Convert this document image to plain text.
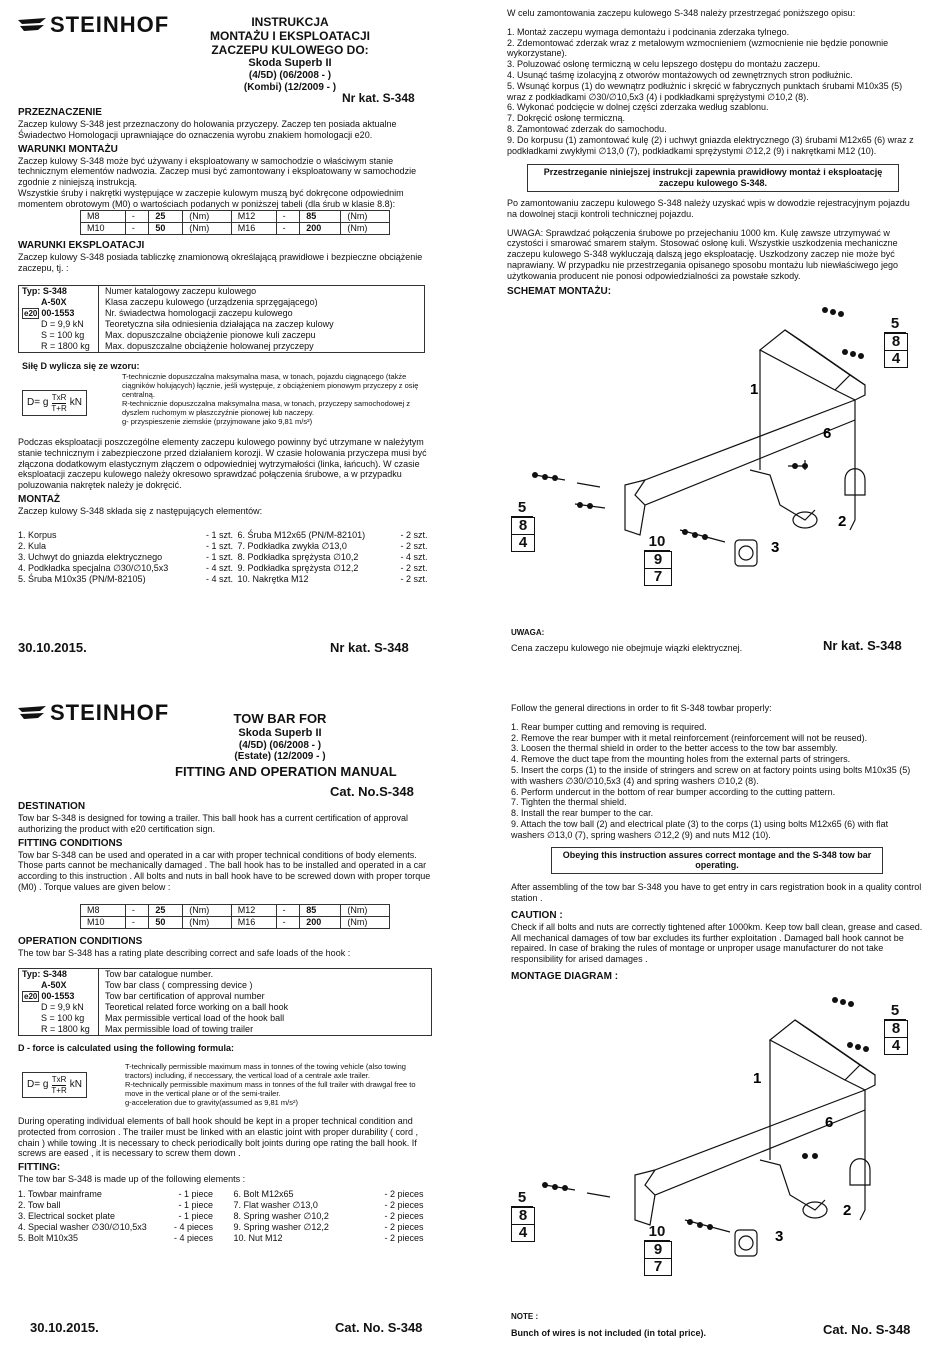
STEINHOF	INSTRUKCJA
MONTAŻU I EKSPLOATACJI
ZACZEPU KULOWEGO DO:
Skoda Superb II
(4/5D) (06/2008 - )
(Kombi) (12/2009 - )
Nr kat. S-348
PRZEZNACZENIE

Zaczep kulowy S-348 jest przeznaczony do holowania przyczepy. Zaczep ten posiada aktualne Świadectwo Homologacji uprawniające do oznaczenia wyrobu znakiem homologacji e20.

WARUNKI MONTAŻU

Zaczep kulowy S-348 może być używany i eksploatowany w samochodzie o właściwym stanie technicznym elementów nadwozia. Zaczep musi być zamontowany i eksploatowany w samochodzie zgodnie z niniejszą instrukcją.

Wszystkie śruby i nakrętki występujące w zaczepie kulowym muszą być dokręcone odpowiednim momentem obrotowym (M0) o wartościach podanych w poniższej tabeli (dla śrub w klasie 8.8):

M8	-	25	(Nm)	M12	-	85	(Nm)
M10	-	50	(Nm)	M16	-	200	(Nm)
WARUNKI EKSPLOATACJI

Zaczep kulowy S-348 posiada tabliczkę znamionową określającą prawidłowe i bezpieczne obciążenie zaczepu, tj. :

Typ: S-348	Numer katalogowy zaczepu kulowego
A-50X	Klasa zaczepu kulowego (urządzenia sprzęgającego)
e20 00-1553	Nr. świadectwa homologacji zaczepu kulowego
D = 9,9 kN	Teoretyczna siła odniesienia działająca na zaczep kulowy
S = 100 kg	Max. dopuszczalne obciążenie pionowe kuli zaczepu
R = 1800 kg	Max. dopuszczalne obciążenie holowanej przyczepy
Siłę D wylicza się ze wzoru:
D= g $\frac{\text{TxR}}{T+R}$ kN

T-technicznie dopuszczalna maksymalna masa, w tonach, pojazdu ciągnącego (także ciągników holujących) łącznie, jeśli występuje, z obciążeniem pionowym przyczepy z osię centralną.

R-technicznie dopuszczalna maksymalna masa, w tonach, przyczepy samochodowej z dyszlem ruchomym w płaszczyźnie pionowej lub naczepy.

g- przyspieszenie ziemskie (przyjmowane jako 9,81 m/s²)

Podczas eksploatacji poszczególne elementy zaczepu kulowego powinny być utrzymane w należytym stanie technicznym i zabezpieczone przed działaniem korozji. W czasie holowania przyczepa musi być złączona dodatkowym elastycznym złączem o odpowiedniej wytrzymałości (linka, łańcuch). W czasie eksploatacji zaczepu kulowego należy okresowo sprawdzać połączenia śrubowe, a w przypadku poluzowania nakrętek należy je dokręcić.

MONTAŻ

Zaczep kulowy S-348 składa się z następujących elementów:

1. Korpus	- 1 szt.
2. Kula	- 1 szt.
3. Uchwyt do gniazda elektrycznego	- 1 szt.
4. Podkładka specjalna ∅30/∅10,5x3	- 4 szt.
5. Śruba M10x35 (PN/M-82105)	- 4 szt.

6. Śruba M12x65 (PN/M-82101)	- 2 szt.
7. Podkładka zwykła ∅13,0	- 2 szt.
8. Podkładka sprężysta ∅10,2	- 4 szt.
9. Podkładka sprężysta ∅12,2	- 2 szt.
10. Nakrętka M12	- 2 szt.
30.10.2015.	Nr kat. S-348

W celu zamontowania zaczepu kulowego S-348 należy przestrzegać poniższego opisu:

1. Montaż zaczepu wymaga demontażu i podcinania zderzaka tylnego.
2. Zdemontować zderzak wraz z metalowym wzmocnieniem (wzmocnienie nie będzie ponownie wykorzystane).
3. Poluzować osłonę termiczną w celu lepszego dostępu do montażu zaczepu.
4. Usunąć taśmę izolacyjną z otworów montażowych od zewnętrznych stron podłużnic.
5. Wsunąć korpus (1) do wewnątrz podłużnic i skręcić w fabrycznych punktach śrubami M10x35 (5) wraz z podkładkami ∅30/∅10,5x3 (4) i podkładkami sprężystymi ∅10,2 (8).
6. Wykonać podcięcie w dolnej części zderzaka według szablonu.
7. Dokręcić osłonę termiczną.
8. Zamontować zderzak do samochodu.
9. Do korpusu (1) zamontować kulę (2) i uchwyt gniazda elektrycznego (3) śrubami M12x65 (6) wraz z podkładkami zwykłymi ∅13,0 (7), podkładkami sprężystymi ∅12,2 (9) i nakrętkami M12 (10).
Przestrzeganie niniejszej instrukcji zapewnia prawidłowy montaż i eksploatację zaczepu kulowego S-348.

Po zamontowaniu zaczepu kulowego S-348 należy uzyskać wpis w dowodzie rejestracyjnym pojazdu na dowolnej stacji kontroli technicznej pojazdu.

UWAGA: Sprawdzać połączenia śrubowe po przejechaniu 1000 km. Kulę zawsze utrzymywać w czystości i smarować smarem stałym. Stosować osłonę kuli. Wszystkie uszkodzenia mechaniczne zaczepu kulowego S-348 wykluczają dalszą jego eksploatację. Uszkodzony zaczep nie może być naprawiany. W przypadku nie przestrzegania opisanego sposobu montażu lub niewłaściwego jego użytkowania producent nie ponosi odpowiedzialności za powstałe szkody.

SCHEMAT MONTAŻU:
1
2
3
6
5
8
4
5
8
4	10
9
7
UWAGA:
Cena zaczepu kulowego nie obejmuje wiązki elektrycznej.	Nr kat. S-348
STEINHOF	TOW BAR FOR
Skoda Superb II
(4/5D) (06/2008 - )
(Estate) (12/2009 - )
FITTING AND OPERATION MANUAL
Cat. No.S-348
DESTINATION

Tow bar S-348 is designed for towing a trailer. This ball hook has a current certification of approval authorizing the product with e20 certification sign.

FITTING CONDITIONS

Tow bar S-348 can be used and operated in a car with proper technical conditions of body elements. Those parts cannot be mechanically damaged . The ball hook has to be installed and operated in a car according to this instruction . All bolts and nuts in ball hook have to be screwed down with proper torque (M0) . Torque values are given below :

M8	-	25	(Nm)	M12	-	85	(Nm)
M10	-	50	(Nm)	M16	-	200	(Nm)
OPERATION CONDITIONS

The tow bar S-348 has a rating plate describing correct and safe loads of the hook :

Typ: S-348	Tow bar catalogue number.
A-50X	Tow bar class ( compressing device )
e20 00-1553	Tow bar certification of approval number
D = 9,9 kN	Teoretical related force working on a ball hook
S = 100 kg	Max permissible vertical load of the hook ball
R = 1800 kg	Max permissible load of towing trailer
D - force is calculated using the following formula:
D= g $\frac{\text{TxR}}{T+R}$ kN

T-technically permissible maximum mass in tonnes of the towing vehicle (also towing tractors) including, if neccessary, the vertical load of a centrale axle trailer.

R-technically permissible maximum mass in tonnes of the full trailer with drawgal free to move in the vertical plane or of the semi-trailer.

g-acceleration due to gravity(assumed as 9,81 m/s²)

During operating individual elements of ball hook should be kept in a proper technical condition and protected from corrosion . The trailer must be linked with an elastic joint with proper durability ( cord , chain ) while towing .It is necessary to check periodically bolt joints during ope rating the ball hook. If screws are eased , it is necessary to screw them down .

FITTING:

The tow bar S-348 is made up of the following elements :

1. Towbar mainframe	- 1 piece
2. Tow ball	- 1 piece
3. Electrical socket plate	- 1 piece
4. Special washer ∅30/∅10,5x3	- 4 pieces
5. Bolt M10x35	- 4 pieces

6. Bolt M12x65	- 2 pieces
7. Flat washer ∅13,0	- 2 pieces
8. Spring washer ∅10,2	- 2 pieces
9. Spring washer ∅12,2	- 2 pieces
10. Nut M12	- 2 pieces
30.10.2015.	Cat. No. S-348

Follow the general directions in order to fit S-348 towbar properly:

1. Rear bumper cutting and removing is required.
2. Remove the rear bumper with it metal reinforcement (reinforcement will not be reused).
3. Loosen the thermal shield in order to the better access to the tow bar assembly.
4. Remove the duct tape from the mounting holes from the external parts of stringers.
5. Insert the corps (1) to the inside of stringers and screw on at factory points using bolts M10x35 (5) with washers ∅30/∅10,5x3 (4) and spring washers ∅10,2 (8).
6. Perform undercut in the bottom of rear bumper according to the cutting pattern.
7. Tighten the thermal shield.
8. Install the rear bumper to the car.
9. Attach the tow ball (2) and electrical plate (3) to the corps (1) using bolts M12x65 (6) with flat washers ∅13,0 (7), spring washers ∅12,2 (9) and nuts M12 (10).
Obeying this instruction assures correct montage and the S-348 tow bar operating.

After assembling of the tow bar S-348 you have to get entry in cars registration book in a quality control station .

CAUTION :

Check if all bolts and nuts are correctly tightened after 1000km. Keep tow ball clean, grease and cased. All mechanical damages of tow bar excludes its further exploitation . Damaged ball hook cannot be repaired. In case of braking the rules of montage or unproper usage manufacturer do not take responsibility for arised damages .

MONTAGE DIAGRAM :
1
2
3
6
5
8
4
5
8
4	10
9
7
NOTE :
Bunch of wires is not included (in total price).	Cat. No. S-348
